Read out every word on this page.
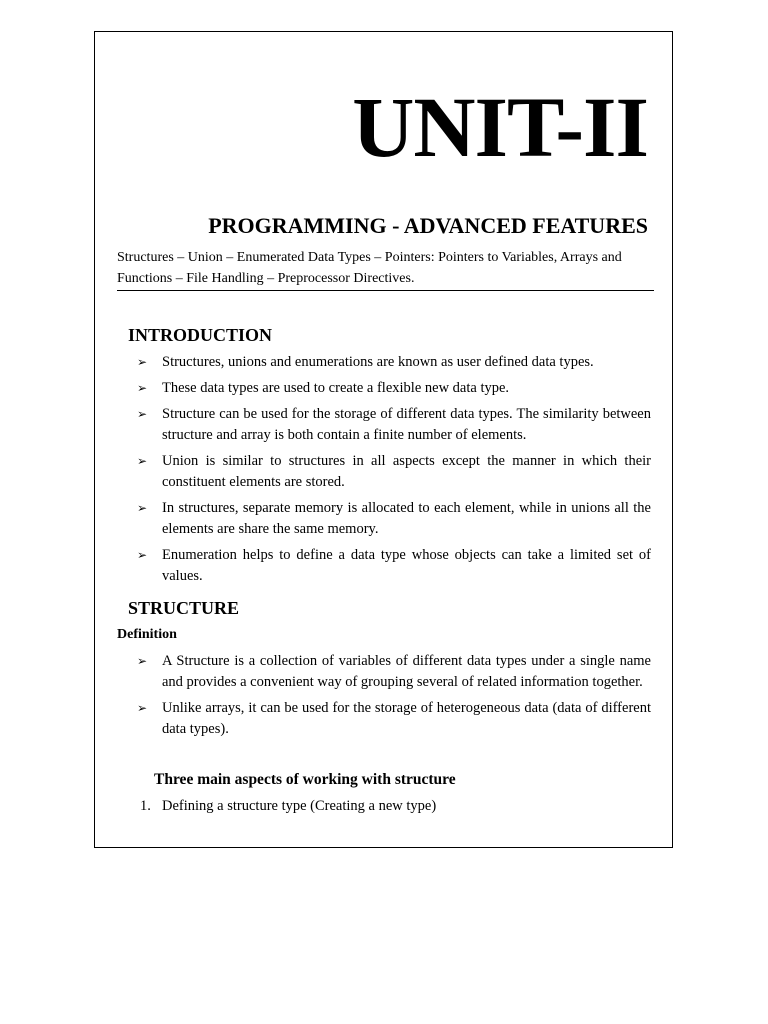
UNIT-II
PROGRAMMING - ADVANCED FEATURES
Structures – Union – Enumerated Data Types – Pointers: Pointers to Variables, Arrays and Functions – File Handling – Preprocessor Directives.
INTRODUCTION
➢ Structures, unions and enumerations are known as user defined data types.
➢ These data types are used to create a flexible new data type.
➢ Structure can be used for the storage of different data types. The similarity between structure and array is both contain a finite number of elements.
➢ Union is similar to structures in all aspects except the manner in which their constituent elements are stored.
➢ In structures, separate memory is allocated to each element, while in unions all the elements are share the same memory.
➢ Enumeration helps to define a data type whose objects can take a limited set of values.
STRUCTURE
Definition
➢ A Structure is a collection of variables of different data types under a single name and provides a convenient way of grouping several of related information together.
➢ Unlike arrays, it can be used for the storage of heterogeneous data (data of different data types).
Three main aspects of working with structure
1. Defining a structure type (Creating a new type)
